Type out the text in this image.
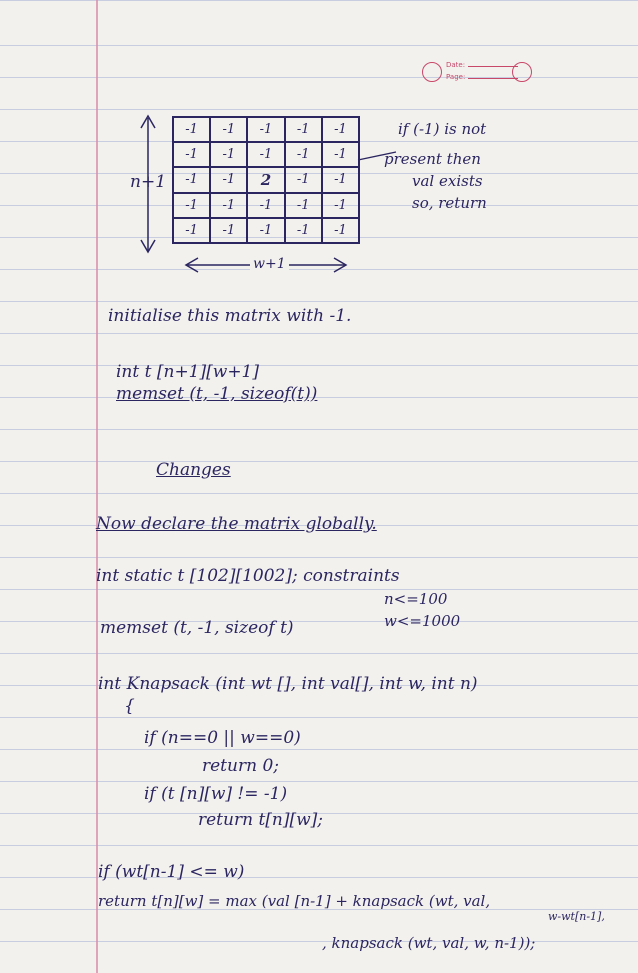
Date:
Page:
n+1
w+1
-1	-1	-1	-1	-1
-1	-1	-1	-1	-1
-1	-1	2	-1	-1
-1	-1	-1	-1	-1
-1	-1	-1	-1	-1
if (-1) is not
present then
val exists
so, return
initialise this matrix with -1.
int t [n+1][w+1]
memset (t, -1, sizeof(t))
Changes
Now declare the matrix globally.
int static t [102][1002]; constraints
n<=100
memset (t, -1, sizeof t)	w<=1000
int Knapsack (int wt [], int val[], int w, int n)
{
if (n==0 || w==0)
return 0;
if (t [n][w] != -1)
return t[n][w];
if (wt[n-1] <= w)
return t[n][w] = max (val [n-1] + knapsack (wt, val,
w-wt[n-1],
, knapsack (wt, val, w, n-1));
